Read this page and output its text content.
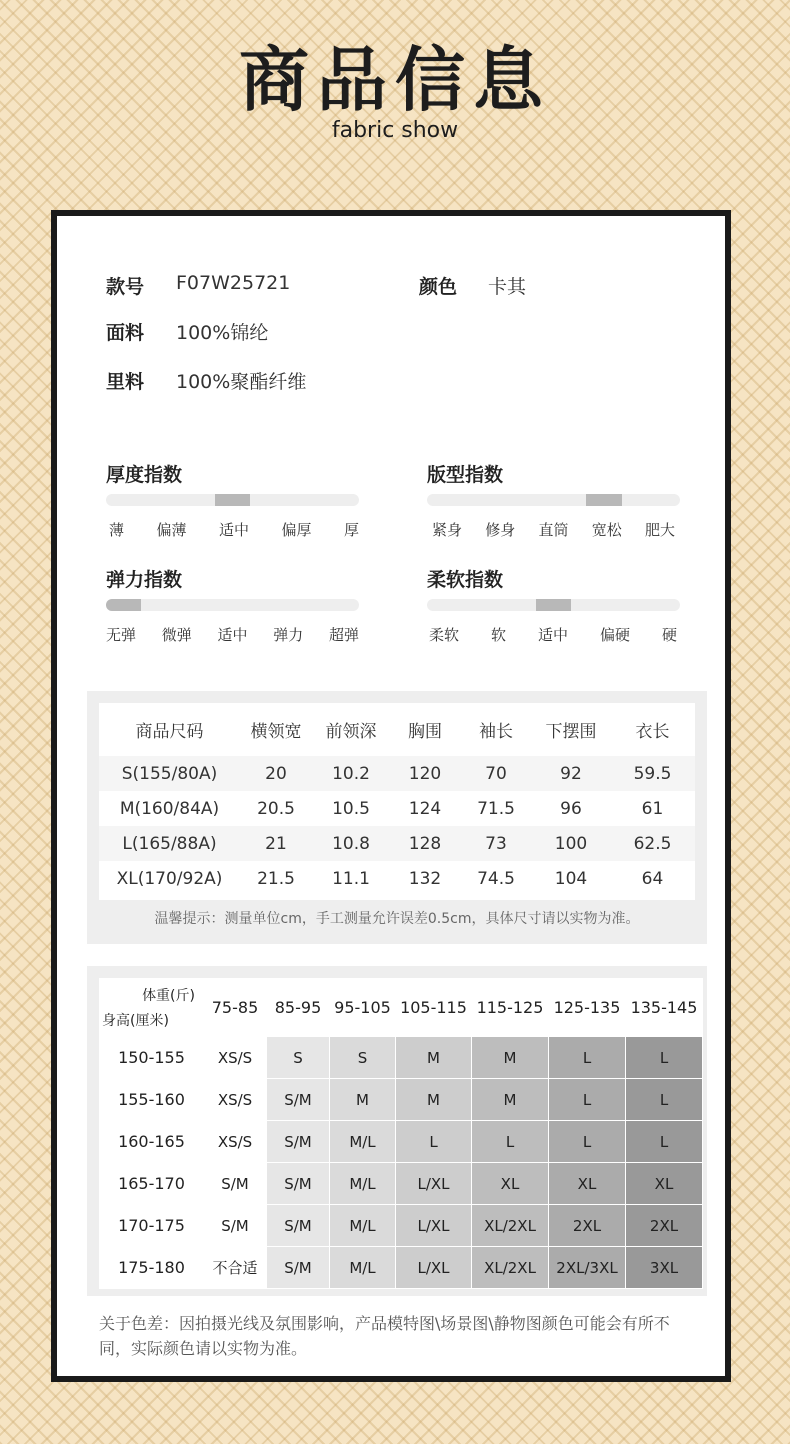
商品信息
fabric show
款号 F07W25721	颜色 卡其
面料 100%锦纶
里料 100%聚酯纤维
厚度指数
薄 偏薄 适中 偏厚 厚
版型指数
紧身 修身 直筒 宽松 肥大
弹力指数
无弹 微弹 适中 弹力 超弹
柔软指数
柔软 软 适中 偏硬 硬
商品尺码	横领宽	前领深	胸围	袖长	下摆围	衣长
S(155/80A)	20	10.2	120	70	92	59.5
M(160/84A)	20.5	10.5	124	71.5	96	61
L(165/88A)	21	10.8	128	73	100	62.5
XL(170/92A)	21.5	11.1	132	74.5	104	64
温馨提示：测量单位cm，手工测量允许误差0.5cm，具体尺寸请以实物为准。
体重(斤)
身高(厘米)	75-85	85-95	95-105	105-115	115-125	125-135	135-145
150-155	XS/S	S	S	M	M	L	L
155-160	XS/S	S/M	M	M	M	L	L
160-165	XS/S	S/M	M/L	L	L	L	L
165-170	S/M	S/M	M/L	L/XL	XL	XL	XL
170-175	S/M	S/M	M/L	L/XL	XL/2XL	2XL	2XL
175-180	不合适	S/M	M/L	L/XL	XL/2XL	2XL/3XL	3XL
关于色差：因拍摄光线及氛围影响，产品模特图\场景图\静物图颜色可能会有所不同，实际颜色请以实物为准。
